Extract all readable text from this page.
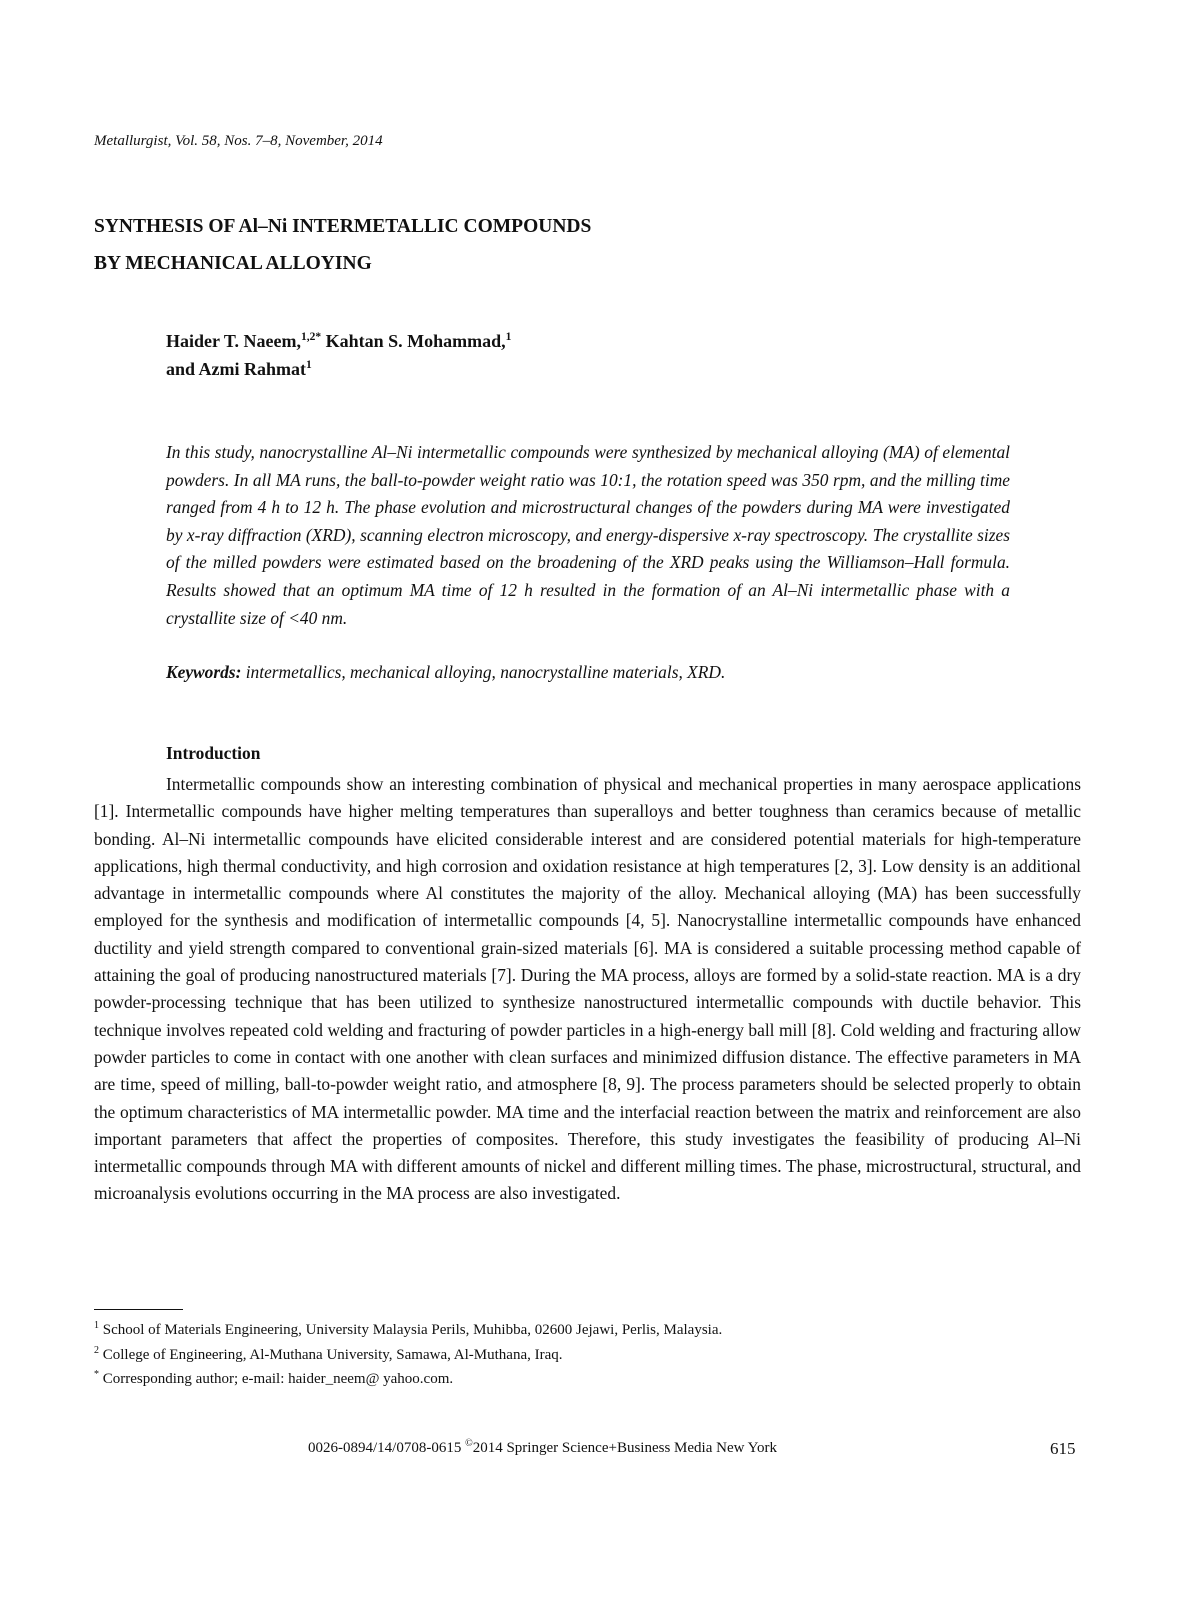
Metallurgist, Vol. 58, Nos. 7–8, November, 2014
SYNTHESIS OF Al–Ni INTERMETALLIC COMPOUNDS
BY MECHANICAL ALLOYING
Haider T. Naeem,$^{1,2*}$ Kahtan S. Mohammad,$^1$
and Azmi Rahmat$^1$
In this study, nanocrystalline Al–Ni intermetallic compounds were synthesized by mechanical alloying (MA) of elemental powders. In all MA runs, the ball-to-powder weight ratio was 10:1, the rotation speed was 350 rpm, and the milling time ranged from 4 h to 12 h. The phase evolution and microstructural changes of the powders during MA were investigated by x-ray diffraction (XRD), scanning electron microscopy, and energy-dispersive x-ray spectroscopy. The crystallite sizes of the milled powders were estimated based on the broadening of the XRD peaks using the Williamson–Hall formula. Results showed that an optimum MA time of 12 h resulted in the formation of an Al–Ni intermetallic phase with a crystallite size of <40 nm.
Keywords: intermetallics, mechanical alloying, nanocrystalline materials, XRD.
Introduction
Intermetallic compounds show an interesting combination of physical and mechanical properties in many aerospace applications [1]. Intermetallic compounds have higher melting temperatures than superalloys and better toughness than ceramics because of metallic bonding. Al–Ni intermetallic compounds have elicited considerable interest and are considered potential materials for high-temperature applications, high thermal conductivity, and high corrosion and oxidation resistance at high temperatures [2, 3]. Low density is an additional advantage in intermetallic compounds where Al constitutes the majority of the alloy. Mechanical alloying (MA) has been successfully employed for the synthesis and modification of intermetallic compounds [4, 5]. Nanocrystalline intermetallic compounds have enhanced ductility and yield strength compared to conventional grain-sized materials [6]. MA is considered a suitable processing method capable of attaining the goal of producing nanostructured materials [7]. During the MA process, alloys are formed by a solid-state reaction. MA is a dry powder-processing technique that has been utilized to synthesize nanostructured intermetallic compounds with ductile behavior. This technique involves repeated cold welding and fracturing of powder particles in a high-energy ball mill [8]. Cold welding and fracturing allow powder particles to come in contact with one another with clean surfaces and minimized diffusion distance. The effective parameters in MA are time, speed of milling, ball-to-powder weight ratio, and atmosphere [8, 9]. The process parameters should be selected properly to obtain the optimum characteristics of MA intermetallic powder. MA time and the interfacial reaction between the matrix and reinforcement are also important parameters that affect the properties of composites. Therefore, this study investigates the feasibility of producing Al–Ni intermetallic compounds through MA with different amounts of nickel and different milling times. The phase, microstructural, structural, and microanalysis evolutions occurring in the MA process are also investigated.
$^1$ School of Materials Engineering, University Malaysia Perils, Muhibba, 02600 Jejawi, Perlis, Malaysia.
$^2$ College of Engineering, Al-Muthana University, Samawa, Al-Muthana, Iraq.
* Corresponding author; e-mail: haider_neem@ yahoo.com.
0026-0894/14/0708-0615 ©2014 Springer Science+Business Media New York	615
